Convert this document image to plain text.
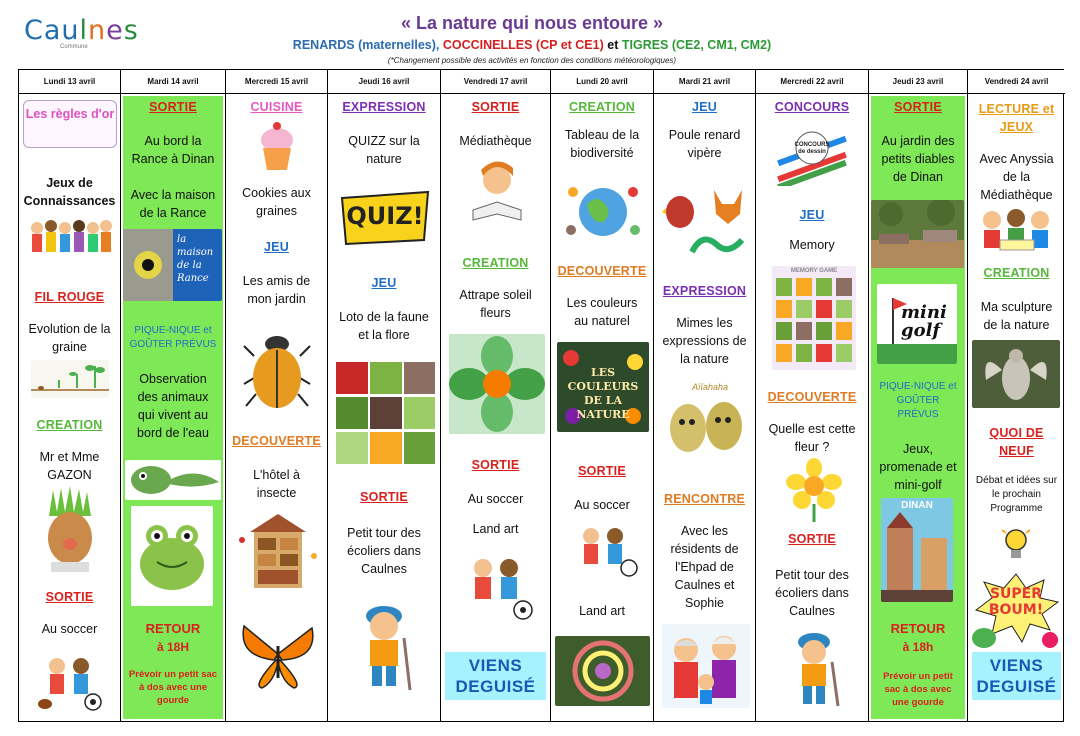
Caulnes
Commune
« La nature qui nous entoure »
RENARDS (maternelles), COCCINELLES (CP et CE1) et TIGRES (CE2, CM1, CM2)
(*Changement possible des activités en fonction des conditions météorologiques)
Lundi 13 avril
Les règles d'or
Jeux de Connaissances
FIL ROUGE
Evolution de la graine
CREATION
Mr et Mme GAZON
SORTIE
Au soccer
Mardi 14 avril
SORTIE
Au bord la Rance à Dinan
Avec la maison de la Rance
la maison de la Rance
PIQUE-NIQUE et GOÛTER PRÉVUS
Observation des animaux qui vivent au bord de l'eau
RETOUR
à 18H
Prévoir un petit sac à dos avec une gourde
Mercredi 15 avril
CUISINE
Cookies aux graines
JEU
Les amis de mon jardin
DECOUVERTE
L'hôtel à insecte
Jeudi 16 avril
EXPRESSION
QUIZZ sur la nature
QUIZ!
JEU
Loto de la faune et la flore
SORTIE
Petit tour des écoliers dans Caulnes
Vendredi 17 avril
SORTIE
Médiathèque
CREATION
Attrape soleil fleurs
SORTIE
Au soccer
Land art
VIENS DEGUISÉ
Lundi 20 avril
CREATION
Tableau de la biodiversité
DECOUVERTE
Les couleurs au naturel
LES COULEURS DE LA NATURE
SORTIE
Au soccer
Land art
Mardi 21 avril
JEU
Poule renard vipère
EXPRESSION
Mimes les expressions de la nature
Aïïahaha
RENCONTRE
Avec les résidents de l'Ehpad de Caulnes et Sophie
Mercredi 22 avril
CONCOURS
CONCOURS de dessin
JEU
Memory
MEMORY GAME
DECOUVERTE
Quelle est cette fleur ?
SORTIE
Petit tour des écoliers dans Caulnes
Jeudi 23 avril
SORTIE
Au jardin des petits diables de Dinan
mini golf
PIQUE-NIQUE et GOÛTER PRÉVUS
Jeux, promenade et mini-golf
DINAN
RETOUR
à 18h
Prévoir un petit sac à dos avec une gourde
Vendredi 24 avril
LECTURE et JEUX
Avec Anyssia de la Médiathèque
CREATION
Ma sculpture de la nature
QUOI DE NEUF
Débat et idées sur le prochain Programme
SUPER BOUM!
VIENS DEGUISÉ
